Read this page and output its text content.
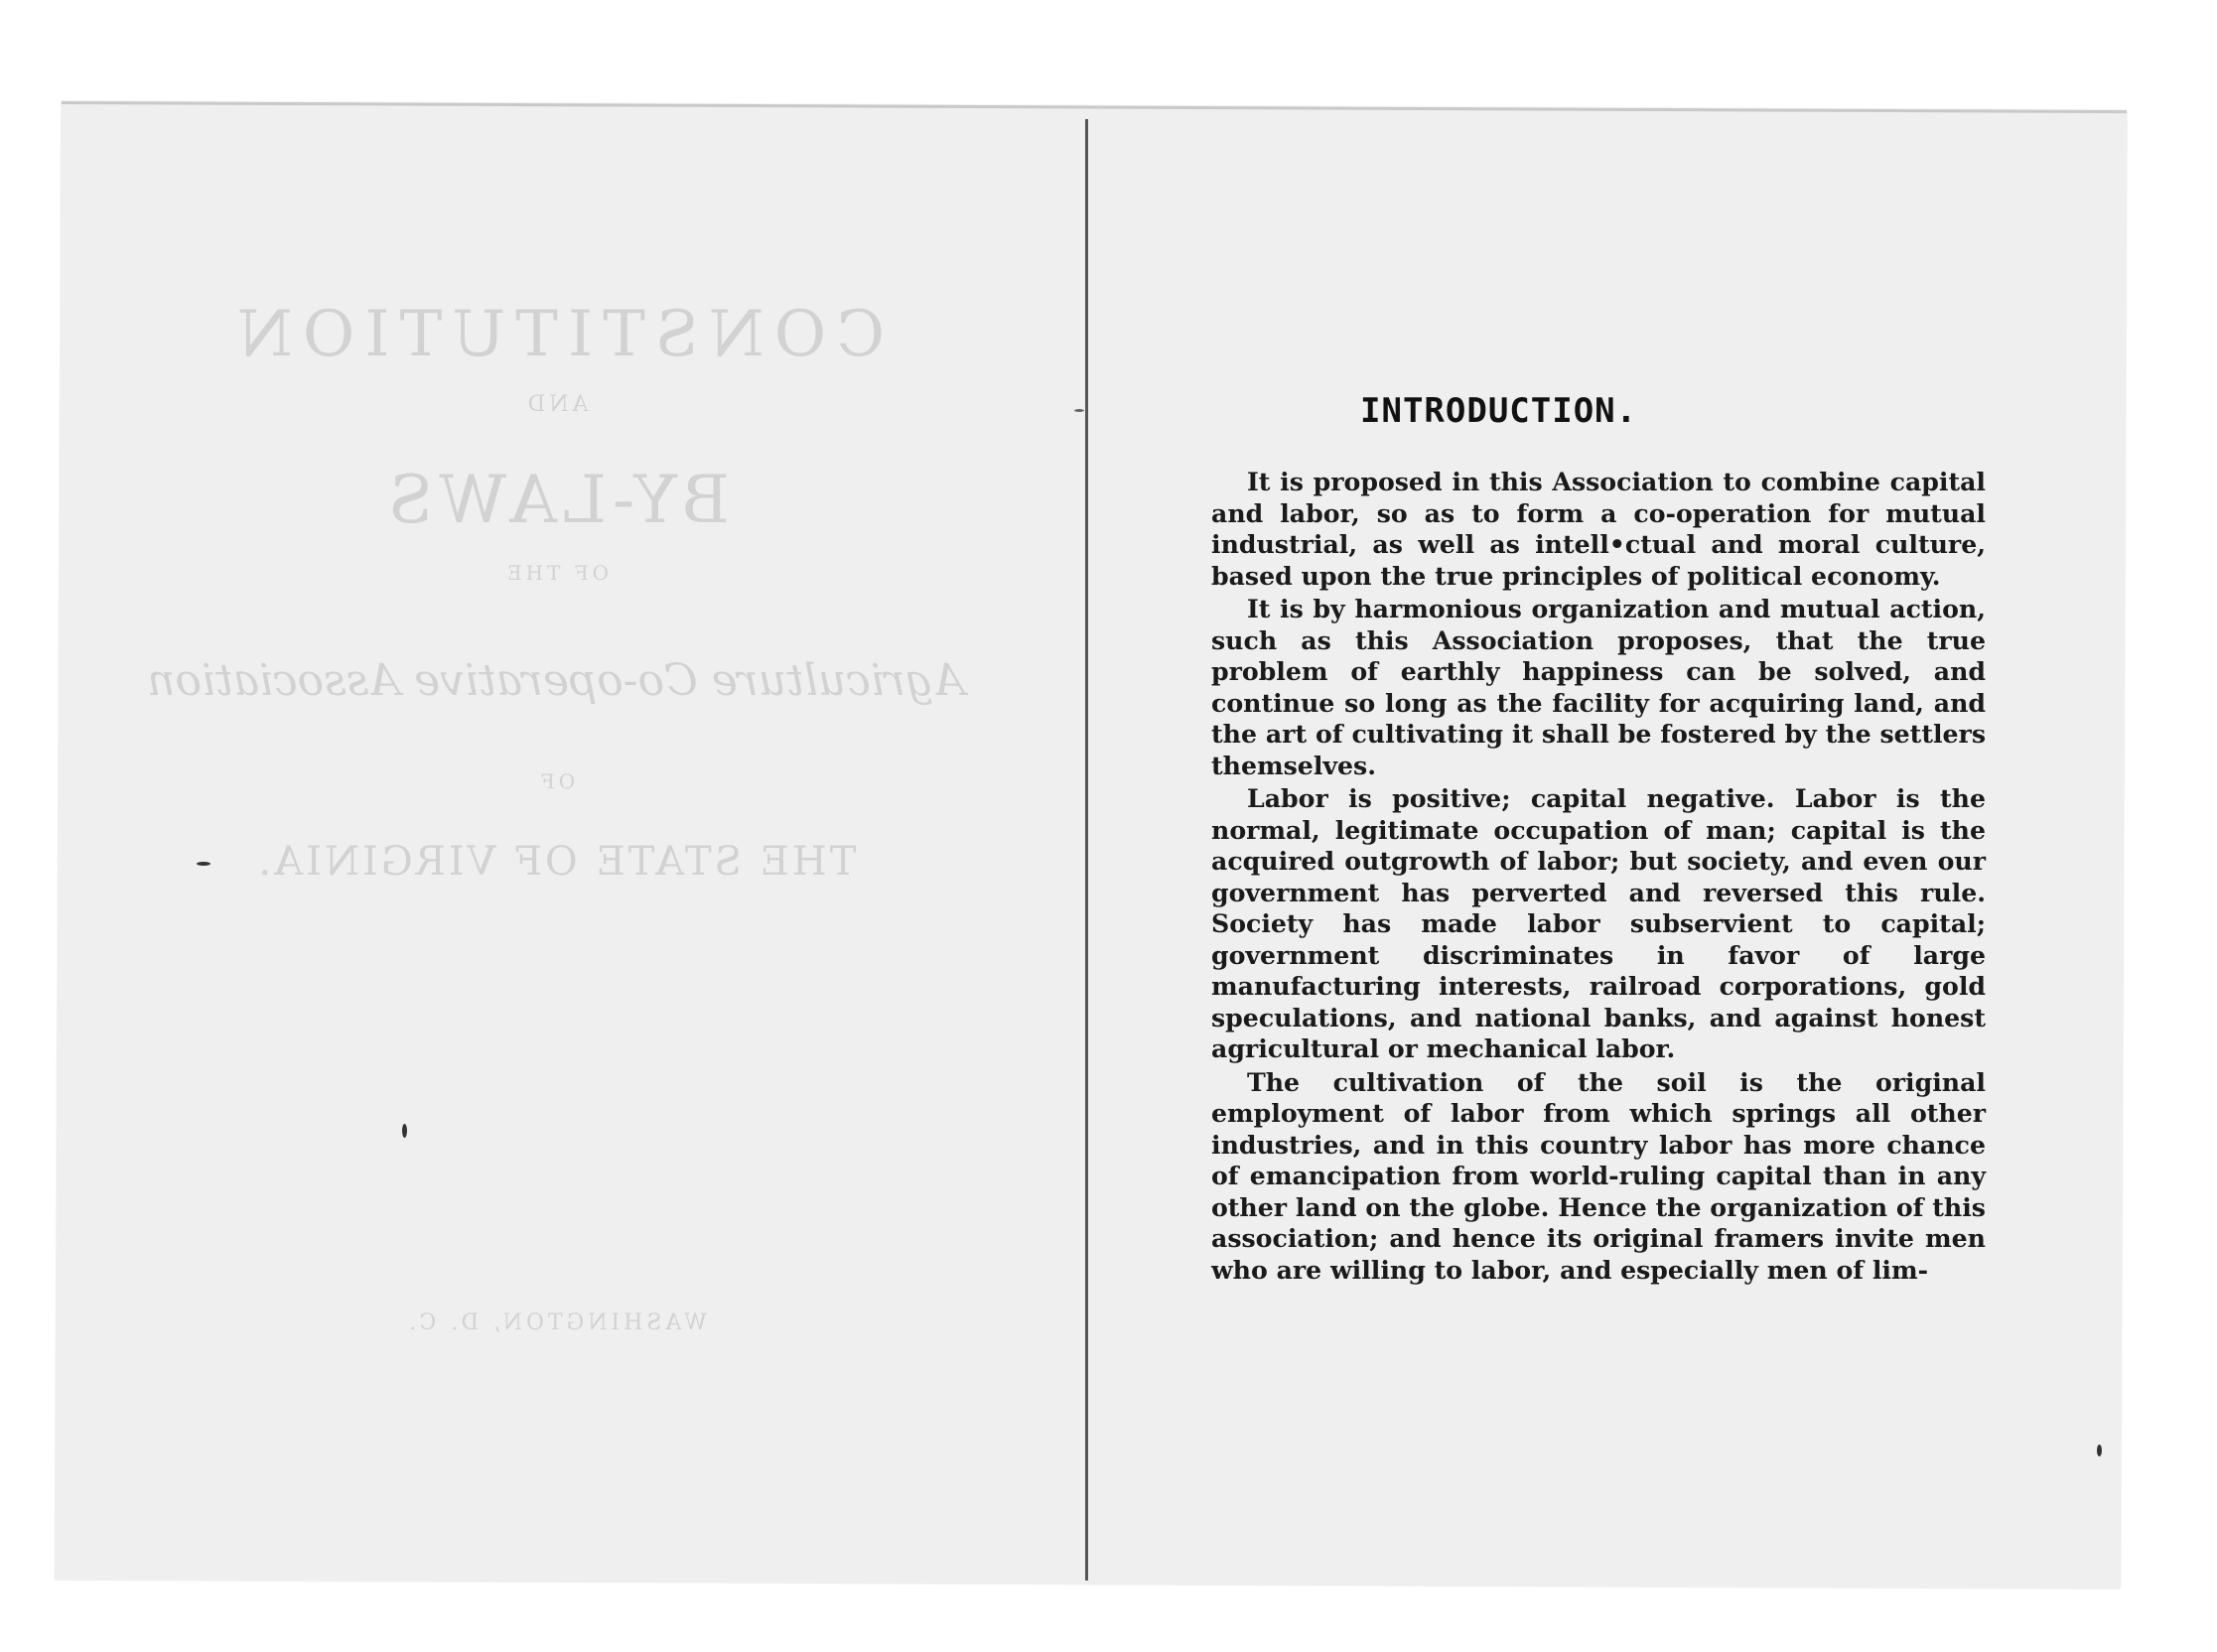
CONSTITUTION
AND
BY-LAWS
OF THE
Agriculture Co-operative Association
OF
THE STATE OF VIRGINIA.
WASHINGTON, D. C.
INTRODUCTION.

It is proposed in this Association to combine capital and labor, so as to form a co-operation for mutual industrial, as well as intell•ctual and moral culture, based upon the true principles of political economy.

It is by harmonious organization and mutual action, such as this Association proposes, that the true problem of earthly happiness can be solved, and continue so long as the facility for acquiring land, and the art of cultivating it shall be fostered by the settlers themselves.

Labor is positive; capital negative. Labor is the normal, legitimate occupation of man; capital is the acquired outgrowth of labor; but society, and even our government has perverted and reversed this rule. Society has made labor subservient to capital; government discriminates in favor of large manufacturing interests, railroad corporations, gold speculations, and national banks, and against honest agricultural or mechanical labor.

The cultivation of the soil is the original employment of labor from which springs all other industries, and in this country labor has more chance of emancipation from world-ruling capital than in any other land on the globe. Hence the organization of this association; and hence its original framers invite men who are willing to labor, and especially men of lim-
